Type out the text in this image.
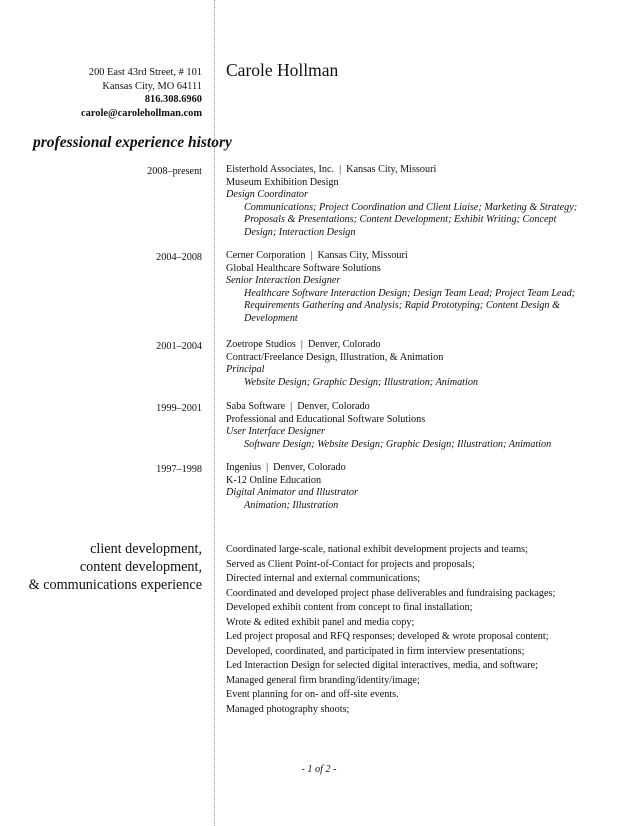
200 East 43rd Street, # 101
Kansas City, MO 64111
816.308.6960
carole@carolehollman.com
Carole Hollman
professional experience history
2008–present Eisterhold Associates, Inc. | Kansas City, Missouri
Museum Exhibition Design
Design Coordinator
Communications; Project Coordination and Client Liaise; Marketing & Strategy;
Proposals & Presentations; Content Development; Exhibit Writing; Concept
Design; Interaction Design
2004–2008 Cerner Corporation | Kansas City, Missouri
Global Healthcare Software Solutions
Senior Interaction Designer
Healthcare Software Interaction Design; Design Team Lead; Project Team Lead;
Requirements Gathering and Analysis; Rapid Prototyping; Content Design &
Development
2001–2004 Zoetrope Studios | Denver, Colorado
Contract/Freelance Design, Illustration, & Animation
Principal
Website Design; Graphic Design; Illustration; Animation
1999–2001 Saba Software | Denver, Colorado
Professional and Educational Software Solutions
User Interface Designer
Software Design; Website Design; Graphic Design; Illustration; Animation
1997–1998 Ingenius | Denver, Colorado
K-12 Online Education
Digital Animator and Illustrator
Animation; Illustration
client development,
content development,
& communications experience
Coordinated large-scale, national exhibit development projects and teams;
Served as Client Point-of-Contact for projects and proposals;
Directed internal and external communications;
Coordinated and developed project phase deliverables and fundraising packages;
Developed exhibit content from concept to final installation;
Wrote & edited exhibit panel and media copy;
Led project proposal and RFQ responses; developed & wrote proposal content;
Developed, coordinated, and participated in firm interview presentations;
Led Interaction Design for selected digital interactives, media, and software;
Managed general firm branding/identity/image;
Event planning for on- and off-site events.
Managed photography shoots;
- 1 of 2 -
